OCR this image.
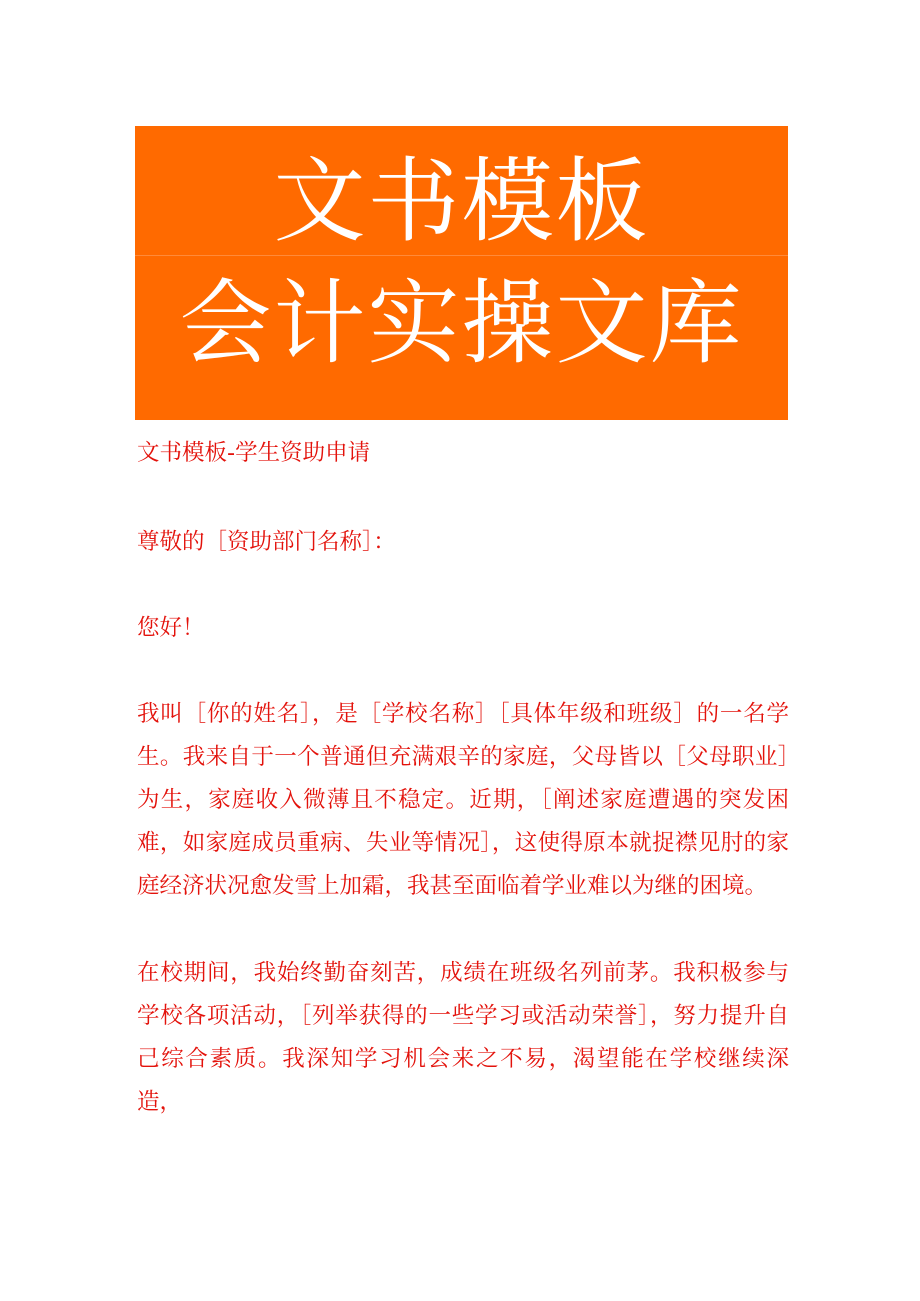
文书模板
会计实操文库

文书模板-学生资助申请

尊敬的［资助部门名称］：

您好！

我叫［你的姓名］，是［学校名称］［具体年级和班级］的一名学生。我来自于一个普通但充满艰辛的家庭，父母皆以［父母职业］为生，家庭收入微薄且不稳定。近期，［阐述家庭遭遇的突发困难，如家庭成员重病、失业等情况］，这使得原本就捉襟见肘的家庭经济状况愈发雪上加霜，我甚至面临着学业难以为继的困境。

在校期间，我始终勤奋刻苦，成绩在班级名列前茅。我积极参与学校各项活动，［列举获得的一些学习或活动荣誉］，努力提升自己综合素质。我深知学习机会来之不易，渴望能在学校继续深造，
